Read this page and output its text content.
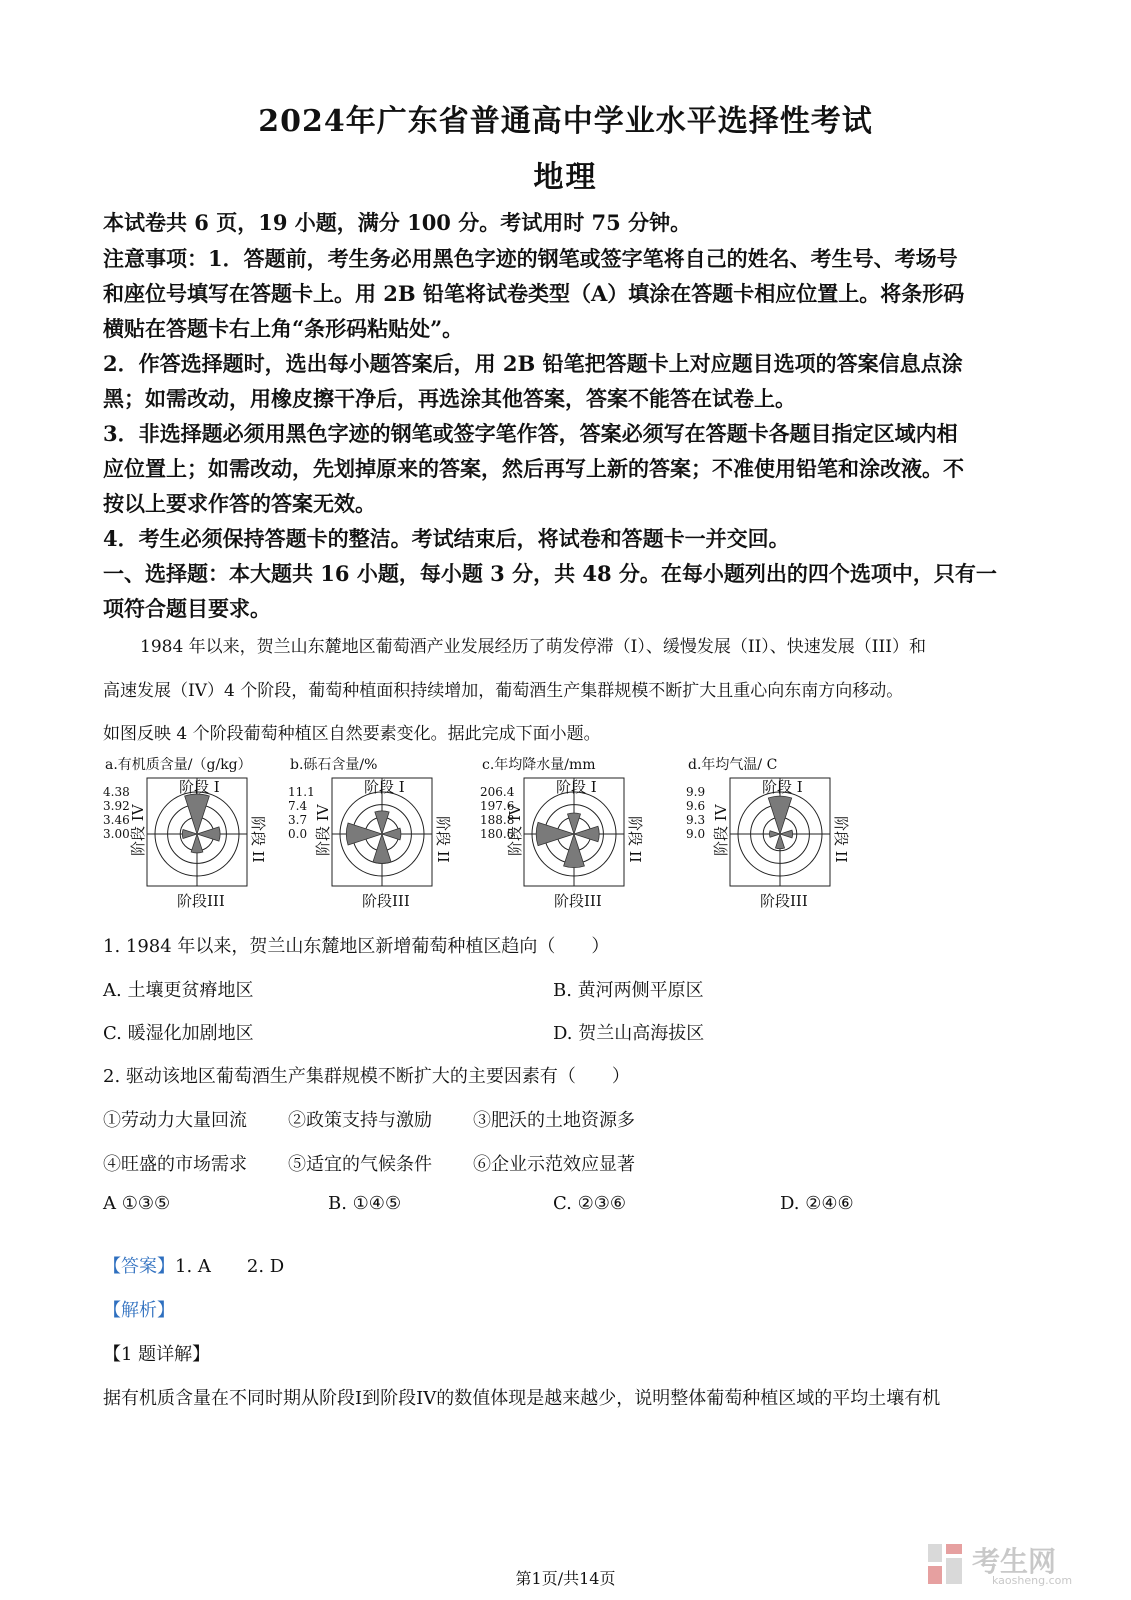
2024年广东省普通高中学业水平选择性考试
地理
本试卷共 6 页，19 小题，满分 100 分。考试用时 75 分钟。
注意事项：1．答题前，考生务必用黑色字迹的钢笔或签字笔将自己的姓名、考生号、考场号
和座位号填写在答题卡上。用 2B 铅笔将试卷类型（A）填涂在答题卡相应位置上。将条形码
横贴在答题卡右上角“条形码粘贴处”。
2．作答选择题时，选出每小题答案后，用 2B 铅笔把答题卡上对应题目选项的答案信息点涂
黑；如需改动，用橡皮擦干净后，再选涂其他答案，答案不能答在试卷上。
3．非选择题必须用黑色字迹的钢笔或签字笔作答，答案必须写在答题卡各题目指定区域内相
应位置上；如需改动，先划掉原来的答案，然后再写上新的答案；不准使用铅笔和涂改液。不
按以上要求作答的答案无效。
4．考生必须保持答题卡的整洁。考试结束后，将试卷和答题卡一并交回。
一、选择题：本大题共 16 小题，每小题 3 分，共 48 分。在每小题列出的四个选项中，只有一
项符合题目要求。
1984 年以来，贺兰山东麓地区葡萄酒产业发展经历了萌发停滞（I）、缓慢发展（II）、快速发展（III）和
高速发展（IV）4 个阶段，葡萄种植面积持续增加，葡萄酒生产集群规模不断扩大且重心向东南方向移动。
如图反映 4 个阶段葡萄种植区自然要素变化。据此完成下面小题。
a.有机质含量/（g/kg）
4.38
3.92
3.46
3.00
阶段 I
阶段III
阶段 II
阶段 IV
b.砾石含量/%
11.1
7.4
3.7
0.0
阶段 I
阶段III
阶段 II
阶段 IV
c.年均降水量/mm
206.4
197.6
188.8
180.0
阶段 I
阶段III
阶段 II
阶段 IV
d.年均气温/ C
9.9
9.6
9.3
9.0
阶段 I
阶段III
阶段 II
阶段 IV
1. 1984 年以来，贺兰山东麓地区新增葡萄种植区趋向（　　）
A. 土壤更贫瘠地区	B. 黄河两侧平原区
C. 暖湿化加剧地区	D. 贺兰山高海拔区
2. 驱动该地区葡萄酒生产集群规模不断扩大的主要因素有（　　）
①劳动力大量回流 ②政策支持与激励 ③肥沃的土地资源多
④旺盛的市场需求 ⑤适宜的气候条件 ⑥企业示范效应显著
A ①③⑤	B. ①④⑤	C. ②③⑥	D. ②④⑥
【答案】1. A　　2. D
【解析】
【1 题详解】
据有机质含量在不同时期从阶段I到阶段IV的数值体现是越来越少，说明整体葡萄种植区域的平均土壤有机
第1页/共14页
考生网
kaosheng.com
